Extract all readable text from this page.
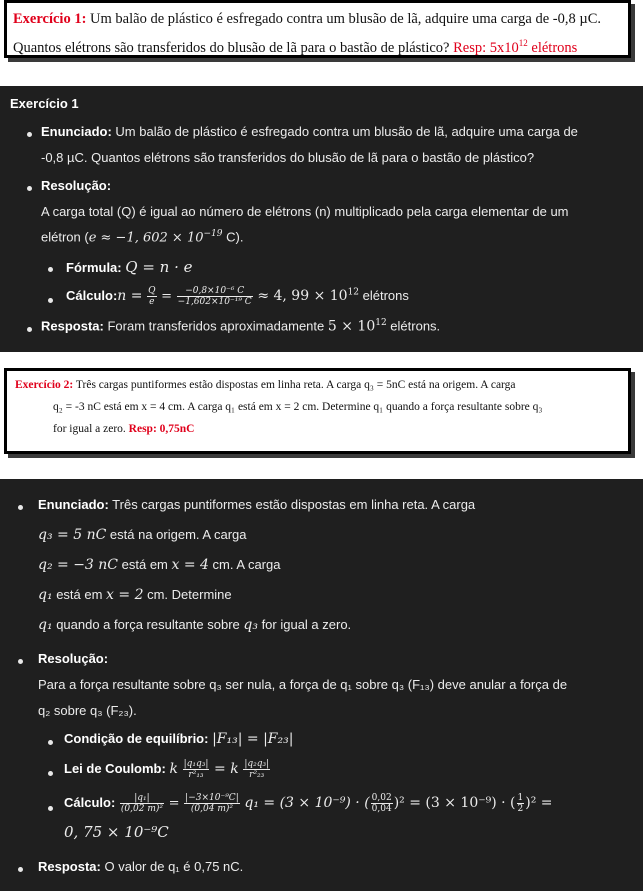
Exercício 1: Um balão de plástico é esfregado contra um blusão de lã, adquire uma carga de -0,8 µC.
Quantos elétrons são transferidos do blusão de lã para o bastão de plástico? Resp: $5x10^{12}$ elétrons
Exercício 1
Enunciado: Um balão de plástico é esfregado contra um blusão de lã, adquire uma carga de
-0,8 µC. Quantos elétrons são transferidos do blusão de lã para o bastão de plástico?
Resolução:
A carga total (Q) é igual ao número de elétrons (n) multiplicado pela carga elementar de um
elétron (e ≈ −1, $602 \times 10^{-19}$ C).
Fórmula: Q = n · e
Cálculo:n = $\frac{Q}{e} = \frac{\text{−0,8×10⁻⁶ C}}{\text{−1,602×10⁻¹⁹ C}} \approx 4$, $99 \times 10^{12}$ elétrons
Resposta: Foram transferidos aproximadamente $5 \times 10^{12}$ elétrons.
Exercício 2: Três cargas puntiformes estão dispostas em linha reta. A carga q₃ = 5nC está na origem. A carga
q₂ = -3 nC está em x = 4 cm. A carga q₁ está em x = 2 cm. Determine q₁ quando a força resultante sobre q₃
for igual a zero. Resp: 0,75nC
Enunciado: Três cargas puntiformes estão dispostas em linha reta. A carga
q₃ = 5 nC está na origem. A carga
q₂ = −3 nC está em x = 4 cm. A carga
q₁ está em x = 2 cm. Determine
q₁ quando a força resultante sobre q₃ for igual a zero.
Resolução:
Para a força resultante sobre q₃ ser nula, a força de q₁ sobre q₃ (F₁₃) deve anular a força de
q₂ sobre q₃ (F₂₃).
Condição de equilíbrio: |F₁₃| = |F₂₃|
Lei de Coulomb: k $\frac{\text{|q₁q₃|}}{\text{r²₁₃}} = k \frac{\text{|q₂q₃|}}{\text{r²₂₃}}$
Cálculo: $\frac{\text{|q₁|}}{\text{(0,02 m)²}} = \frac{\text{|−3×10⁻⁹C|}}{\text{(0,04 m)²}} q_1 = (3 \times 10^{-9})$ · ( $\frac{0,02}{0,04} )^2 = (3 \times 10^{-9})$ · ( $\frac{1}{2} )^2$ =
0, 75 × 10⁻⁹C
Resposta: O valor de q₁ é 0,75 nC.
